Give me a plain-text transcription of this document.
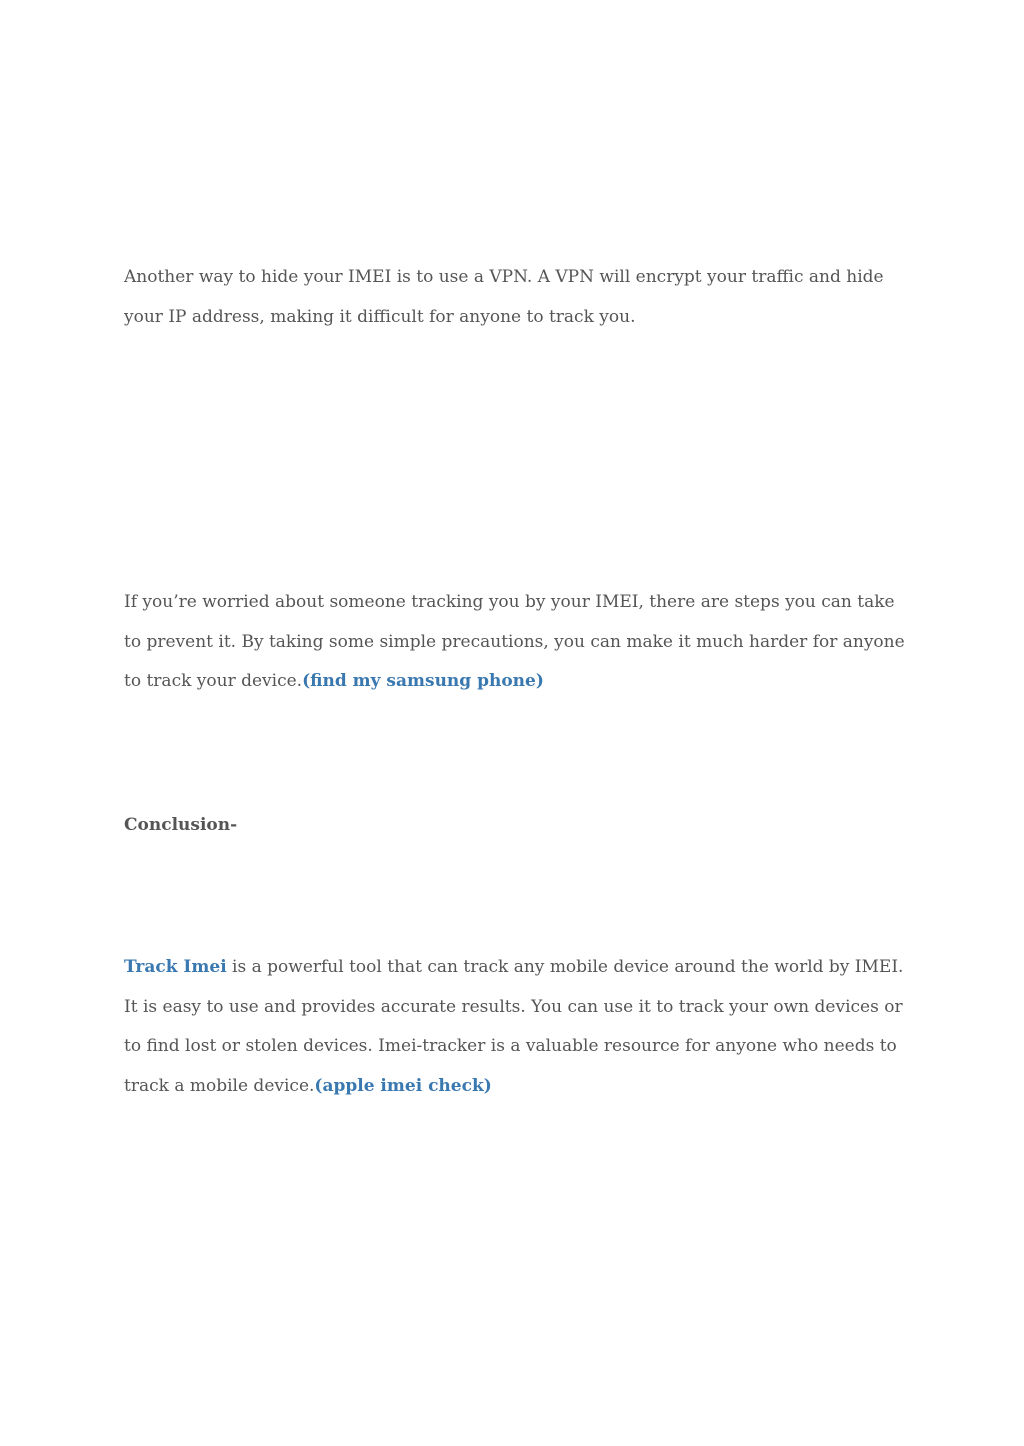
Another way to hide your IMEI is to use a VPN. A VPN will encrypt your traffic and hide your IP address, making it difficult for anyone to track you.

If you’re worried about someone tracking you by your IMEI, there are steps you can take to prevent it. By taking some simple precautions, you can make it much harder for anyone to track your device.(find my samsung phone)

Conclusion-

Track Imei is a powerful tool that can track any mobile device around the world by IMEI. It is easy to use and provides accurate results. You can use it to track your own devices or to find lost or stolen devices. Imei-tracker is a valuable resource for anyone who needs to track a mobile device.(apple imei check)
